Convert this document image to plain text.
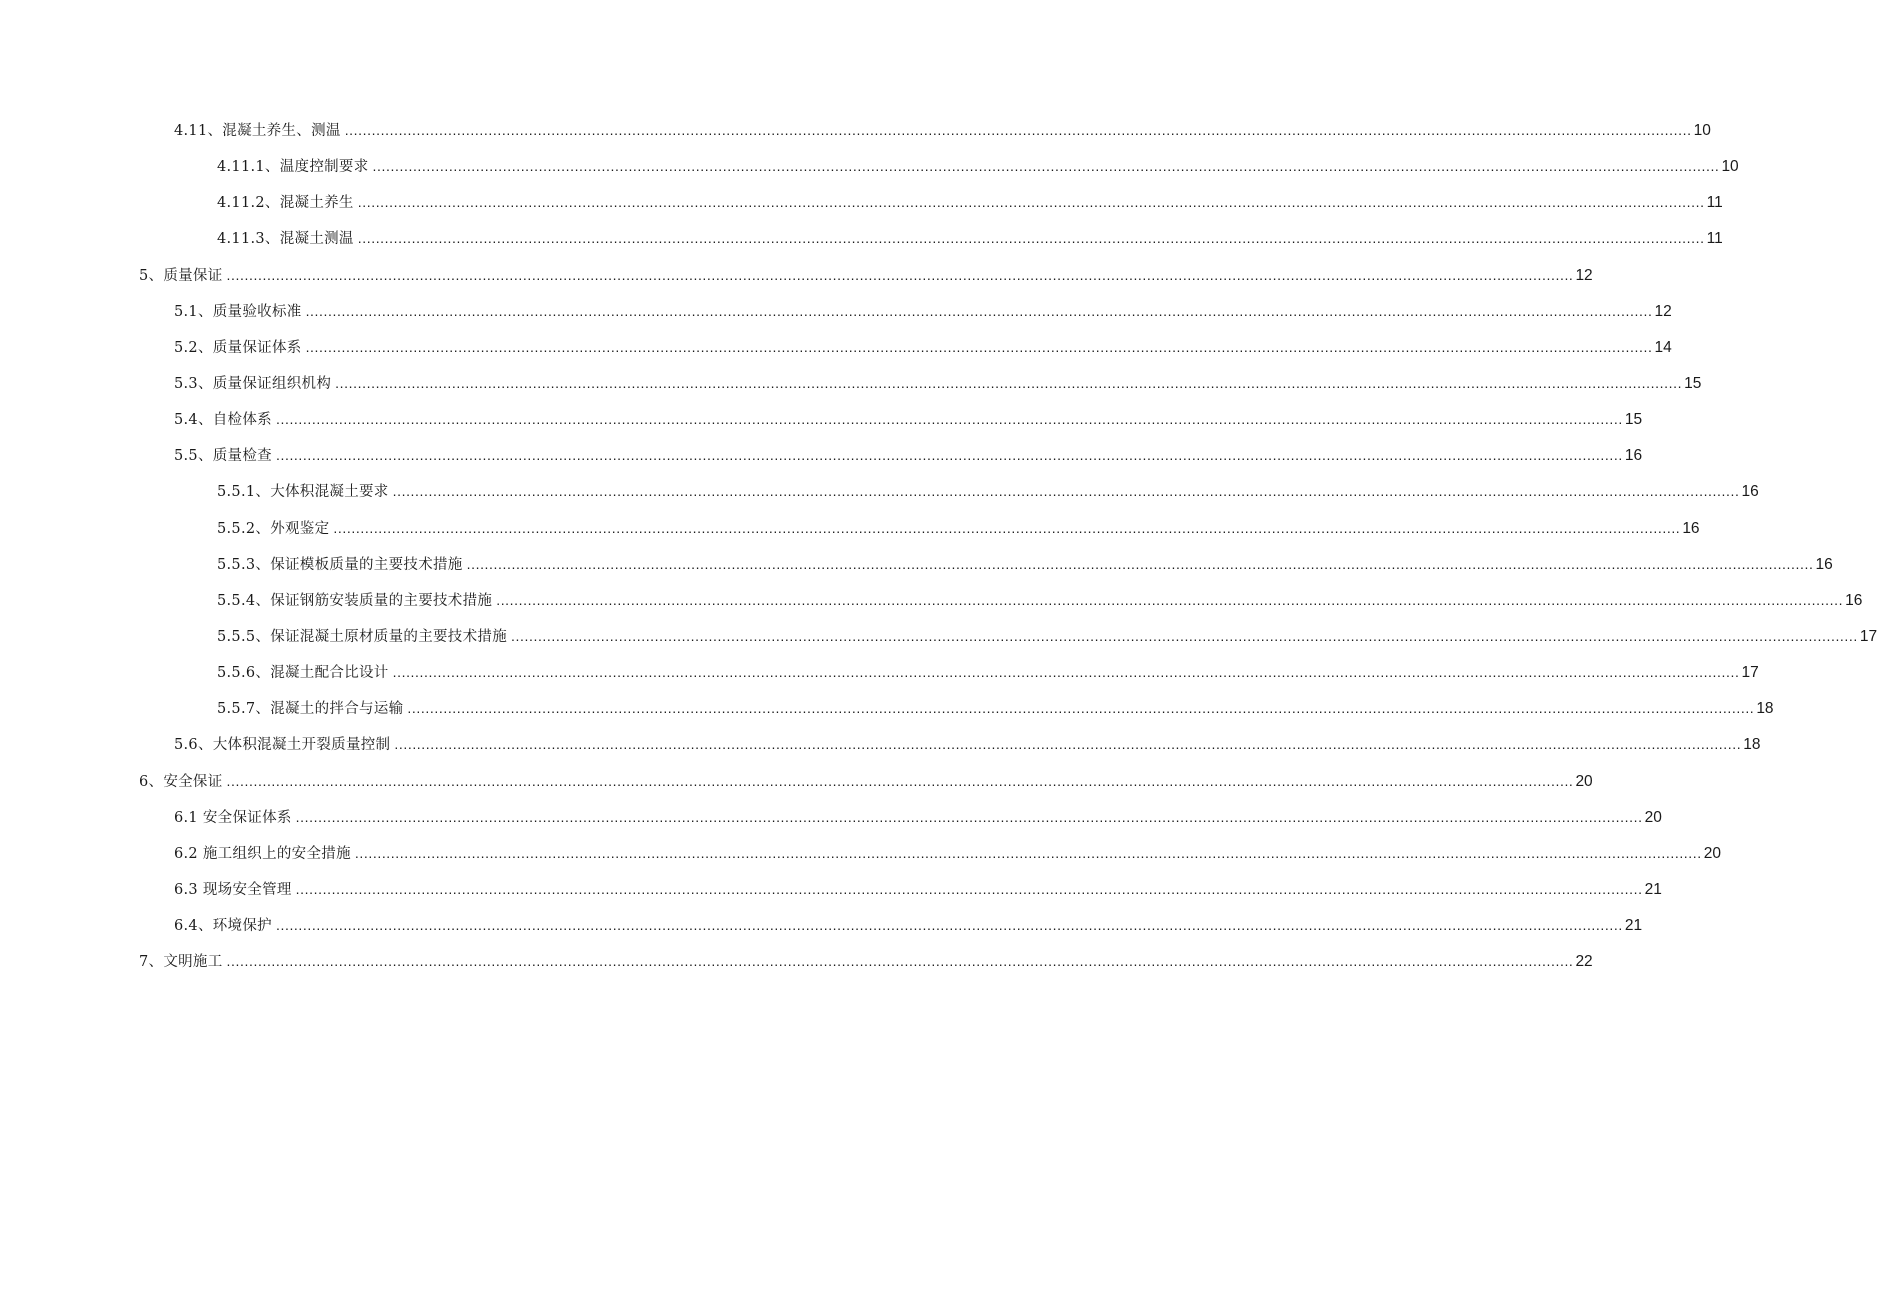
4.11、混凝土养生、测温 ............................................................................................................................................................................................................................................................................................................ 10
4.11.1、温度控制要求 ............................................................................................................................................................................................................................................................................................................ 10
4.11.2、混凝土养生 ............................................................................................................................................................................................................................................................................................................ 11
4.11.3、混凝土测温 ............................................................................................................................................................................................................................................................................................................ 11
5、质量保证 ............................................................................................................................................................................................................................................................................................................ 12
5.1、质量验收标准 ............................................................................................................................................................................................................................................................................................................ 12
5.2、质量保证体系 ............................................................................................................................................................................................................................................................................................................ 14
5.3、质量保证组织机构 ............................................................................................................................................................................................................................................................................................................ 15
5.4、自检体系 ............................................................................................................................................................................................................................................................................................................ 15
5.5、质量检查 ............................................................................................................................................................................................................................................................................................................ 16
5.5.1、大体积混凝土要求 ............................................................................................................................................................................................................................................................................................................ 16
5.5.2、外观鉴定 ............................................................................................................................................................................................................................................................................................................ 16
5.5.3、保证模板质量的主要技术措施 ............................................................................................................................................................................................................................................................................................................ 16
5.5.4、保证钢筋安装质量的主要技术措施 ............................................................................................................................................................................................................................................................................................................ 16
5.5.5、保证混凝土原材质量的主要技术措施 ............................................................................................................................................................................................................................................................................................................ 17
5.5.6、混凝土配合比设计 ............................................................................................................................................................................................................................................................................................................ 17
5.5.7、混凝土的拌合与运输 ............................................................................................................................................................................................................................................................................................................ 18
5.6、大体积混凝土开裂质量控制 ............................................................................................................................................................................................................................................................................................................ 18
6、安全保证 ............................................................................................................................................................................................................................................................................................................ 20
6.1 安全保证体系 ............................................................................................................................................................................................................................................................................................................ 20
6.2 施工组织上的安全措施 ............................................................................................................................................................................................................................................................................................................ 20
6.3 现场安全管理 ............................................................................................................................................................................................................................................................................................................ 21
6.4、环境保护 ............................................................................................................................................................................................................................................................................................................ 21
7、文明施工 ............................................................................................................................................................................................................................................................................................................ 22
